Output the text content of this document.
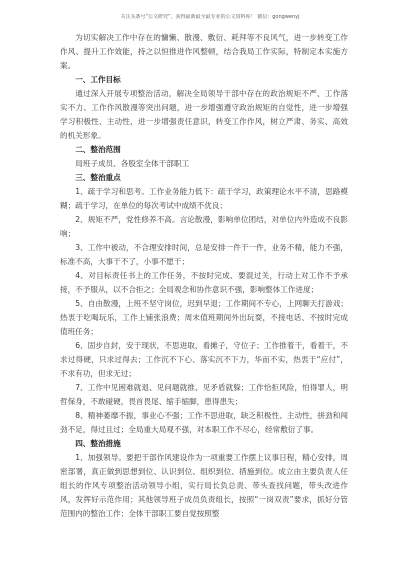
关注头条号“公文研究”，获得最新最全最专业的公文资料库！ 微信：gongwenyj

为切实解决工作中存在的慵懒、散漫、敷衍、耗拜等不良风气，进一步转变工作作风、提升工作效能，持之以恒推进作风整顿，结合我局工作实际，特制定本实施方案。

一、工作目标

通过深入开展专项整治活动，解决全局领导干部中存在的政治规矩不严、工作落实不力、工作作风散漫等突出问题，进一步增强遵守政治规矩的自觉性，进一步增强学习积极性、主动性，进一步增强责任意识，转变工作作风，树立严肃、务实、高效的机关形象。

二、整治范围

局班子成员、各股室全体干部职工

三、整治重点

1、疏于学习和思考。工作业务能力低下：疏于学习，政策理论水平不清，思路模糊；疏于学习，在单位的每次考试中成绩不优良；

2、规矩不严，党性修养不高。言论散漫，影响单位团结，对单位内外造成不良影响；

3、工作中被动，不合理安排时间，总是安排一件干一件，业务不精，能力不强，标准不高，大事干不了，小事不愿干；

4、对目标责任书上的工作任务，不按时完成、要混过关，行动上对工作不予承接，不予服从，以不合拒之；全局观念和协作意识不强，影响整体工作进度；

5、自由散漫，上班不坚守岗位，迟到早退；工作期间不专心，上网聊天打游戏；热衷于吃喝玩乐，工作上铺张浪费；周末值班期间外出玩耍，不接电话、不按时完成值班任务；

6、固步自封，安于现状，不思进取，看摊子，守位子；工作推着干，看着干，不求过得硬，只求过得去；工作沉不下心、落实沉不下力，华而不实，热衷于“应付”，不求有功，但求无过；

7、工作中见困难就退、见问题就推、见矛盾就躲；工作恰拒风险，怕得罪人，明哲保身，不敢碰硬，畏首畏尾、缩手缩脚，患得患失；

8、精神萎靡不振，事业心不强；工作不思进取，缺乏积极性、主动性，拼劲和闯劲不足，得过且过；全局重大局观不强，对本职工作不尽心，经常敷衍了事。

四、整治措施

1、加强领导。要把干部作风建设作为一项重要工作摆上议事日程，精心安排，周密部署，真正做到思想到位、认识到位、组织到位、措施到位。成立由主要负责人任组长的作风专项整治活动领导小组，实行局长负总责、带头查找问题，带头改进作风，发挥好示范作用；其他领导班子成员负责组长，按照“一岗双责”要求，抓好分管范围内的整治工作；全体干部职工要自觉按照整
